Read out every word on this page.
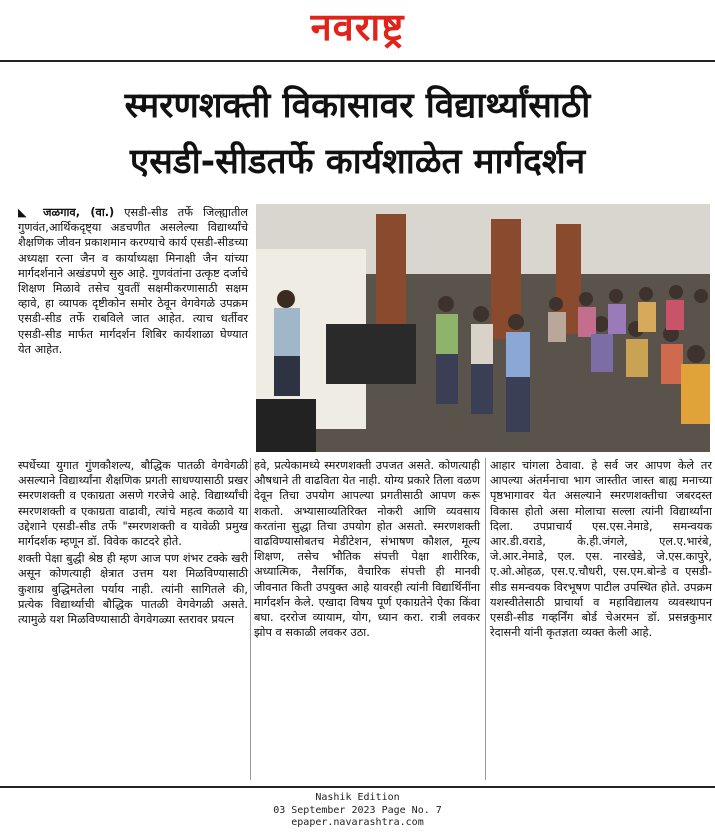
नवराष्ट्र
स्मरणशक्ती विकासावर विद्यार्थ्यांसाठी
एसडी-सीडतर्फे कार्यशाळेत मार्गदर्शन

◣ जळगाव, (वा.) एसडी-सीड तर्फे जिल्ह्यातील गुणवंत,आर्थिकदृष्ट्या अडचणीत असलेल्या विद्यार्थ्यांचे शैक्षणिक जीवन प्रकाशमान करण्याचे कार्य एसडी-सीडच्या अध्यक्षा रत्ना जैन व कार्याध्यक्षा मिनाक्षी जैन यांच्या मार्गदर्शनाने अखंडपणे सुरु आहे. गुणवंतांना उत्कृष्ट दर्जाचे शिक्षण मिळावे तसेच युवतीं सक्षमीकरणासाठी सक्षम व्हावे, हा व्यापक दृष्टीकोन समोर ठेवून वेगवेगळे उपक्रम एसडी-सीड तर्फे राबविले जात आहेत. त्याच धर्तीवर एसडी-सीड मार्फत मार्गदर्शन शिबिर कार्यशाळा घेण्यात येत आहेत.

स्पर्धेच्या युगात गुंणकौशल्य, बौद्धिक पातळी वेगवेगळी असल्याने विद्यार्थ्यांना शैक्षणिक प्रगती साधण्यासाठी प्रखर स्मरणशक्ती व एकाग्रता असणे गरजेचे आहे. विद्यार्थ्यांची स्मरणशक्ती व एकाग्रता वाढावी, त्यांचे महत्व कळावे या उद्देशाने एसडी-सीड तर्फे "स्मरणशक्ती व यावेळी प्रमुख मार्गदर्शक म्हणून डॉ. विवेक काटदरे होते.

शक्ती पेक्षा बुद्धी श्रेष्ठ ही म्हण आज पण शंभर टक्के खरी असून कोणत्याही क्षेत्रात उत्तम यश मिळविण्यासाठी कुशाग्र बुद्धिमतेला पर्याय नाही. त्यांनी सागितले की, प्रत्येक विद्यार्थ्याची बौद्धिक पातळी वेगवेगळी असते. त्यामुळे यश मिळविण्यासाठी वेगवेगळ्या स्तरावर प्रयत्न

हवे, प्रत्येकामध्ये स्मरणशक्ती उपजत असते. कोणत्याही औषधाने ती वाढविता येत नाही. योग्य प्रकारे तिला वळण देवून तिचा उपयोग आपल्या प्रगतीसाठी आपण करू शकतो. अभ्यासाव्यतिरिक्त नोकरी आणि व्यवसाय करतांना सुद्धा तिचा उपयोग होत असतो. स्मरणशक्ती वाढविण्यासोबतच मेडीटेशन, संभाषण कौशल, मूल्य शिक्षण, तसेच भौतिक संपत्ती पेक्षा शारीरिक, अध्यात्मिक, नैसर्गिक, वैचारिक संपत्ती ही मानवी जीवनात किती उपयुक्त आहे यावरही त्यांनी विद्यार्थिनींना मार्गदर्शन केले. एखादा विषय पूर्ण एकाग्रतेने ऐका किंवा बघा. दररोज व्यायाम, योग, ध्यान करा. रात्री लवकर झोप व सकाळी लवकर उठा.

आहार चांगला ठेवावा. हे सर्व जर आपण केले तर आपल्या अंतर्मनाचा भाग जास्तीत जास्त बाह्य मनाच्या पृष्ठभागावर येत असल्याने स्मरणशक्तीचा जबरदस्त विकास होतो असा मोलाचा सल्ला त्यांनी विद्यार्थ्यांना दिला. उपप्राचार्य एस.एस.नेमाडे, समन्वयक आर.डी.वराडे, के.ही.जंगले, एल.ए.भारंबे, जे.आर.नेमाडे, एल. एस. नारखेडे, जे.एस.कापुरे, ए.ओ.ओहळ, एस.ए.चौधरी, एस.एम.बोन्डे व एसडी-सीड समन्वयक विरभूषण पाटील उपस्थित होते. उपक्रम यशस्वीतेसाठी प्राचार्या व महाविद्यालय व्यवस्थापन एसडी-सीड गव्हर्निंग बोर्ड चेअरमन डॉ. प्रसन्नकुमार रेदासनी यांनी कृतज्ञता व्यक्त केली आहे.

Nashik Edition
03 September 2023 Page No. 7
epaper.navarashtra.com
